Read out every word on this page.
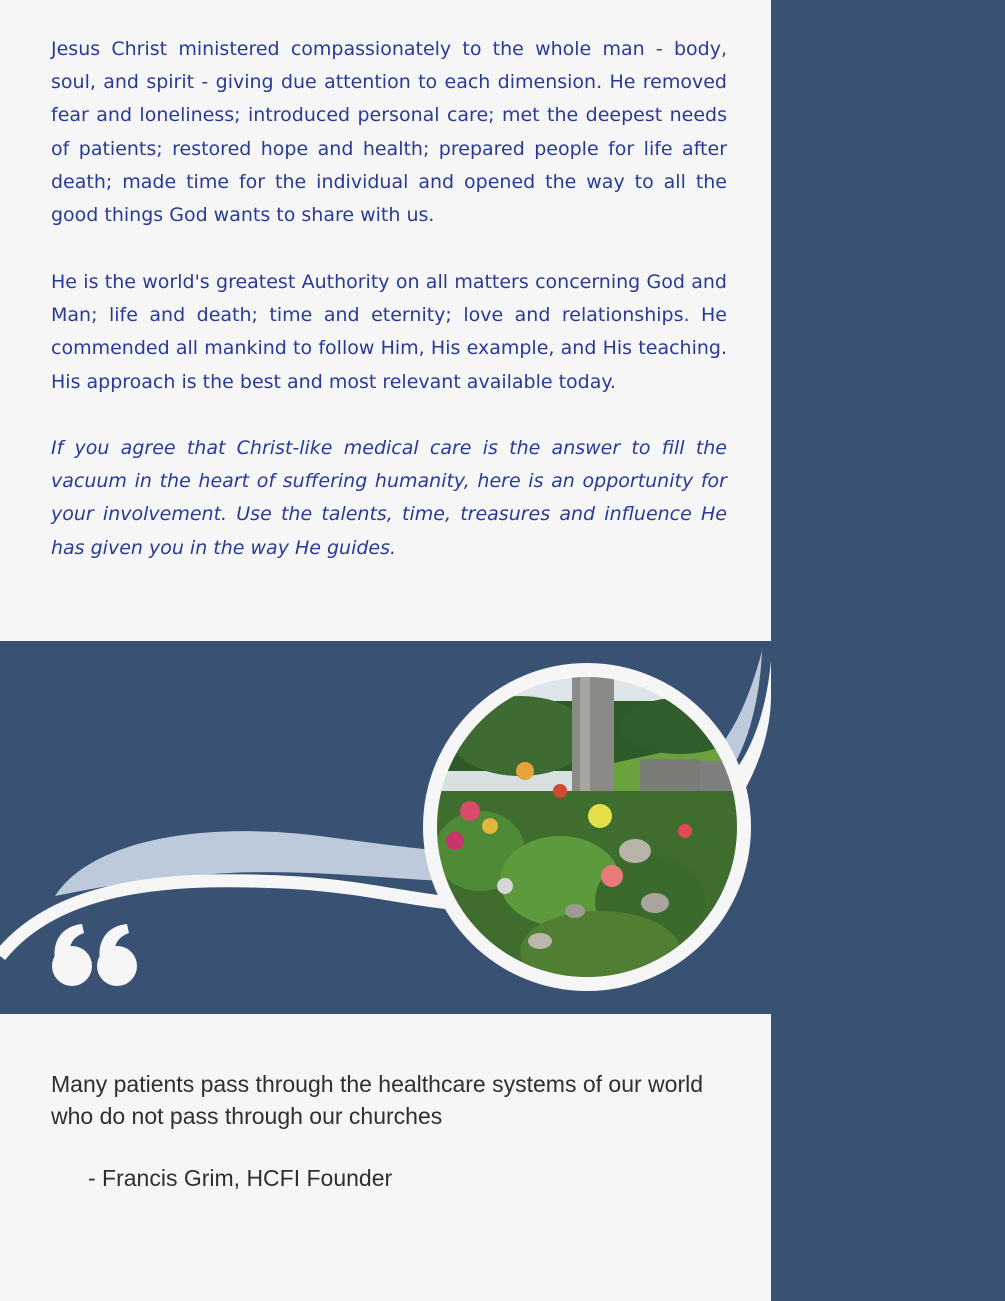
Jesus Christ ministered compassionately to the whole man - body, soul, and spirit - giving due attention to each dimension. He removed fear and loneliness; introduced personal care; met the deepest needs of patients; restored hope and health; prepared people for life after death; made time for the individual and opened the way to all the good things God wants to share with us.

He is the world's greatest Authority on all matters concerning God and Man; life and death; time and eternity; love and relationships. He commended all mankind to follow Him, His example, and His teaching. His approach is the best and most relevant available today.

If you agree that Christ-like medical care is the answer to fill the vacuum in the heart of suffering humanity, here is an opportunity for your involvement. Use the talents, time, treasures and influence He has given you in the way He guides.

Many patients pass through the healthcare systems of our world who do not pass through our churches

- Francis Grim, HCFI Founder
